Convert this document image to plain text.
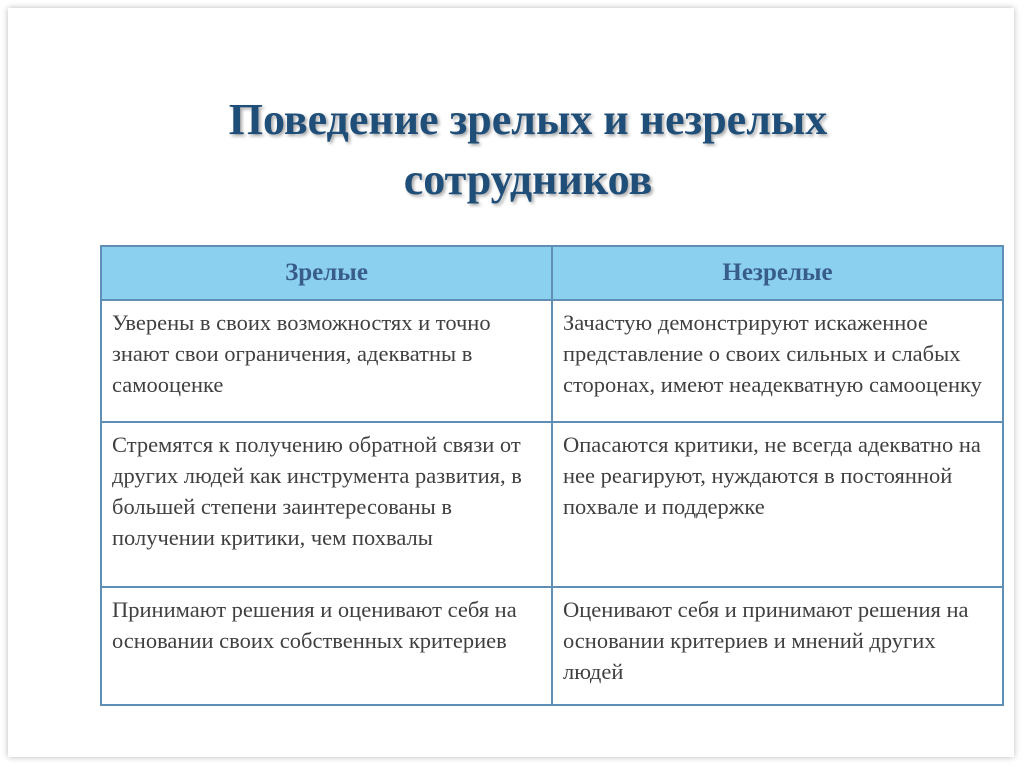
Поведение зрелых и незрелых
сотрудников
Зрелые	Незрелые
Уверены в своих возможностях и точно знают свои ограничения, адекватны в самооценке	Зачастую демонстрируют искаженное представление о своих сильных и слабых сторонах, имеют неадекватную самооценку
Стремятся к получению обратной связи от других людей как инструмента развития, в большей степени заинтересованы в получении критики, чем похвалы	Опасаются критики, не всегда адекватно на нее реагируют, нуждаются в постоянной похвале и поддержке
Принимают решения и оценивают себя на основании своих собственных критериев	Оценивают себя и принимают решения на основании критериев и мнений других людей
